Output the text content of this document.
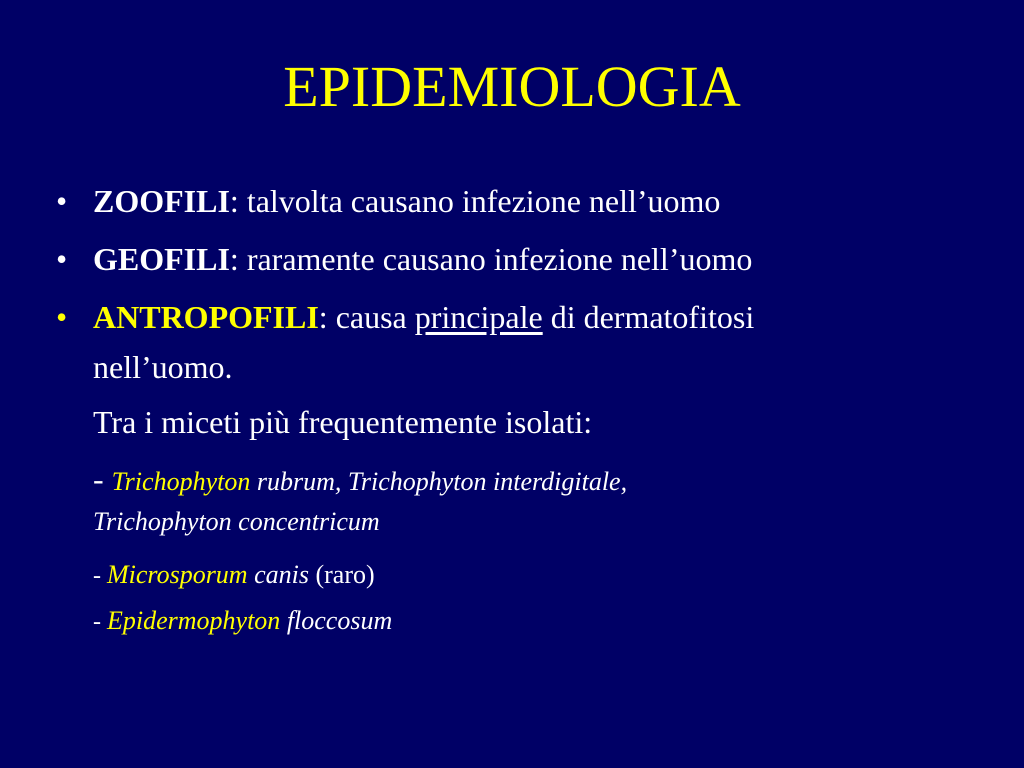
EPIDEMIOLOGIA
• ZOOFILI: talvolta causano infezione nell’uomo
• GEOFILI: raramente causano infezione nell’uomo
• ANTROPOFILI: causa principale di dermatofitosi
nell’uomo.
Tra i miceti più frequentemente isolati:
- Trichophyton rubrum, Trichophyton interdigitale,
Trichophyton concentricum
- Microsporum canis (raro)
- Epidermophyton floccosum
